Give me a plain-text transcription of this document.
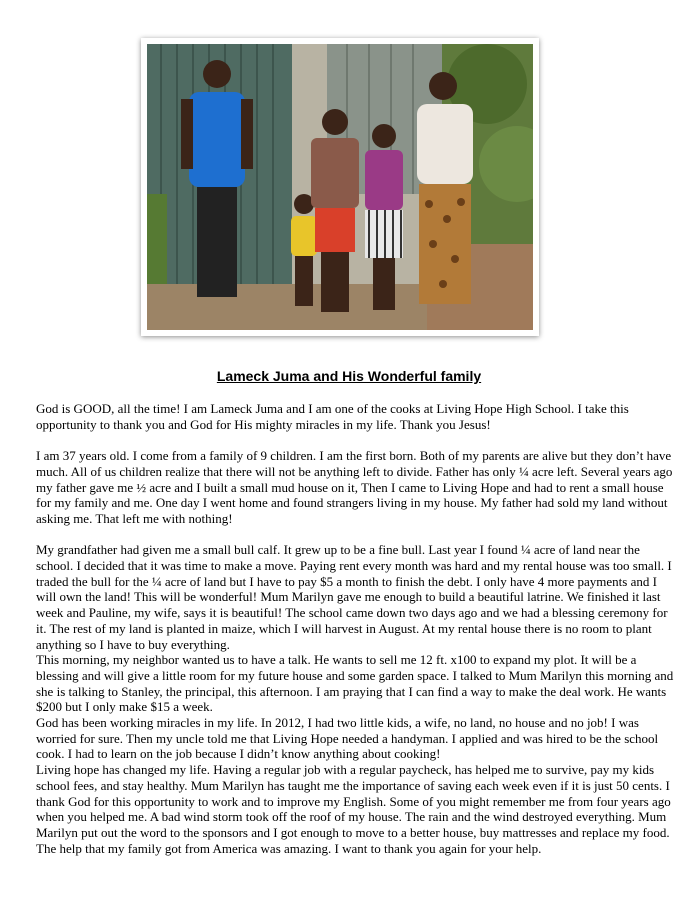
Lameck Juma and His Wonderful family

God is GOOD, all the time! I am Lameck Juma and I am one of the cooks at Living Hope High School. I take this opportunity to thank you and God for His mighty miracles in my life. Thank you Jesus!

I am 37 years old. I come from a family of 9 children. I am the first born. Both of my parents are alive but they don’t have much. All of us children realize that there will not be anything left to divide. Father has only ¼ acre left. Several years ago my father gave me ½ acre and I built a small mud house on it, Then I came to Living Hope and had to rent a small house for my family and me. One day I went home and found strangers living in my house. My father had sold my land without asking me. That left me with nothing!

My grandfather had given me a small bull calf. It grew up to be a fine bull. Last year I found ¼ acre of land near the school. I decided that it was time to make a move. Paying rent every month was hard and my rental house was too small. I traded the bull for the ¼ acre of land but I have to pay $5 a month to finish the debt. I only have 4 more payments and I will own the land! This will be wonderful! Mum Marilyn gave me enough to build a beautiful latrine. We finished it last week and Pauline, my wife, says it is beautiful! The school came down two days ago and we had a blessing ceremony for it. The rest of my land is planted in maize, which I will harvest in August. At my rental house there is no room to plant anything so I have to buy everything.

This morning, my neighbor wanted us to have a talk. He wants to sell me 12 ft. x100 to expand my plot. It will be a blessing and will give a little room for my future house and some garden space. I talked to Mum Marilyn this morning and she is talking to Stanley, the principal, this afternoon. I am praying that I can find a way to make the deal work. He wants $200 but I only make $15 a week.

God has been working miracles in my life. In 2012, I had two little kids, a wife, no land, no house and no job! I was worried for sure. Then my uncle told me that Living Hope needed a handyman. I applied and was hired to be the school cook. I had to learn on the job because I didn’t know anything about cooking!

Living hope has changed my life. Having a regular job with a regular paycheck, has helped me to survive, pay my kids school fees, and stay healthy. Mum Marilyn has taught me the importance of saving each week even if it is just 50 cents. I thank God for this opportunity to work and to improve my English. Some of you might remember me from four years ago when you helped me. A bad wind storm took off the roof of my house. The rain and the wind destroyed everything. Mum Marilyn put out the word to the sponsors and I got enough to move to a better house, buy mattresses and replace my food. The help that my family got from America was amazing. I want to thank you again for your help.
